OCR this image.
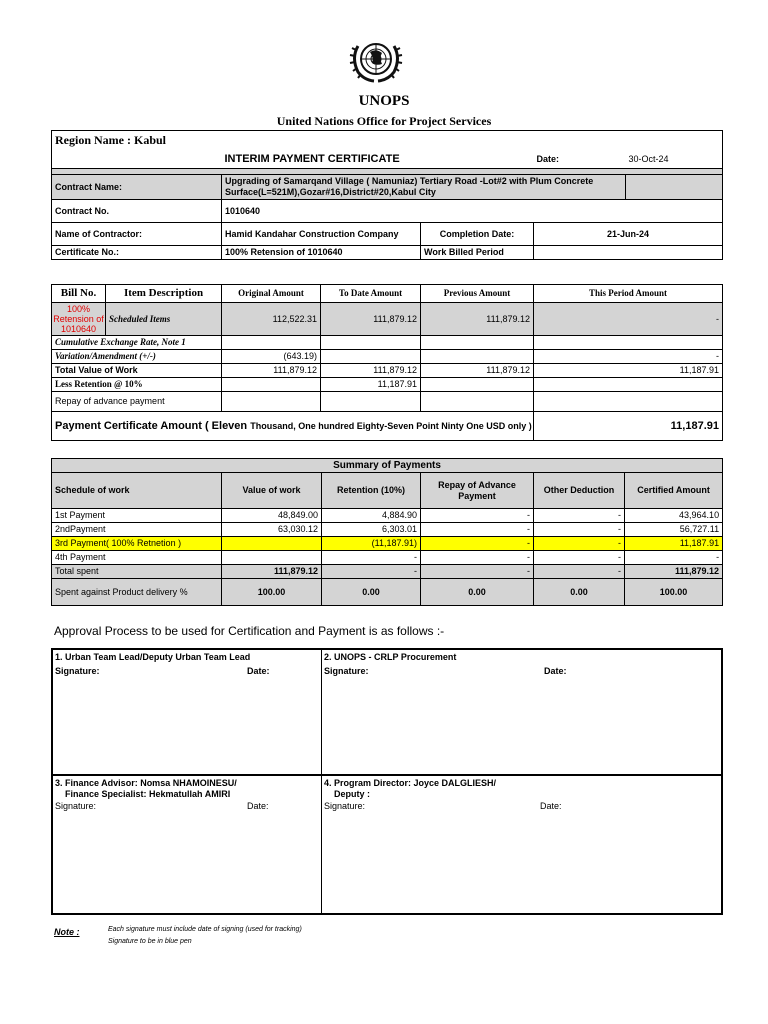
UNOPS
United Nations Office for Project Services
Region Name : Kabul				
	INTERIM PAYMENT CERTIFICATE		Date:	30-Oct-24

Contract Name:	Upgrading of Samarqand Village ( Namuniaz) Tertiary Road -Lot#2 with Plum Concrete Surface(L=521M),Gozar#16,District#20,Kabul City			
Contract No.	1010640			
Name of Contractor:	Hamid Kandahar Construction Company	Completion Date:	21-Jun-24	
Certificate No.:	100% Retension of 1010640	Work Billed Period		
Bill No.	Item Description	Original Amount	To Date Amount	Previous Amount	This Period Amount
100% Retension of 1010640	Scheduled Items	112,522.31	111,879.12	111,879.12	-
Cumulative Exchange Rate, Note 1					
Variation/Amendment (+/-)		(643.19)			-
Total Value of Work		111,879.12	111,879.12	111,879.12	11,187.91
Less Retention @ 10%			11,187.91		
Repay of advance payment					
Payment Certificate Amount ( Eleven Thousand, One hundred Eighty-Seven Point Ninty One USD only )					11,187.91
Summary of Payments					
Schedule of work	Value of work	Retention (10%)	Repay of Advance Payment	Other Deduction	Certified Amount
1st Payment	48,849.00	4,884.90	-	-	43,964.10
2ndPayment	63,030.12	6,303.01	-	-	56,727.11
3rd Payment( 100% Retnetion )		(11,187.91)	-	-	11,187.91
4th Payment		-	-	-	-
Total spent	111,879.12	-	-	-	111,879.12
Spent against Product delivery %	100.00	0.00	0.00	0.00	100.00
Approval Process to be used for Certification and Payment is as follows :-
1. Urban Team Lead/Deputy Urban Team Lead
Signature:	Date:
2. UNOPS - CRLP Procurement
Signature:	Date:
3. Finance Advisor: Nomsa NHAMOINESU/
Finance Specialist: Hekmatullah AMIRI
Signature:	Date:
4. Program Director: Joyce DALGLIESH/
Deputy :
Signature:	Date:
Note :	Each signature must include date of signing (used for tracking)
Signature to be in blue pen
